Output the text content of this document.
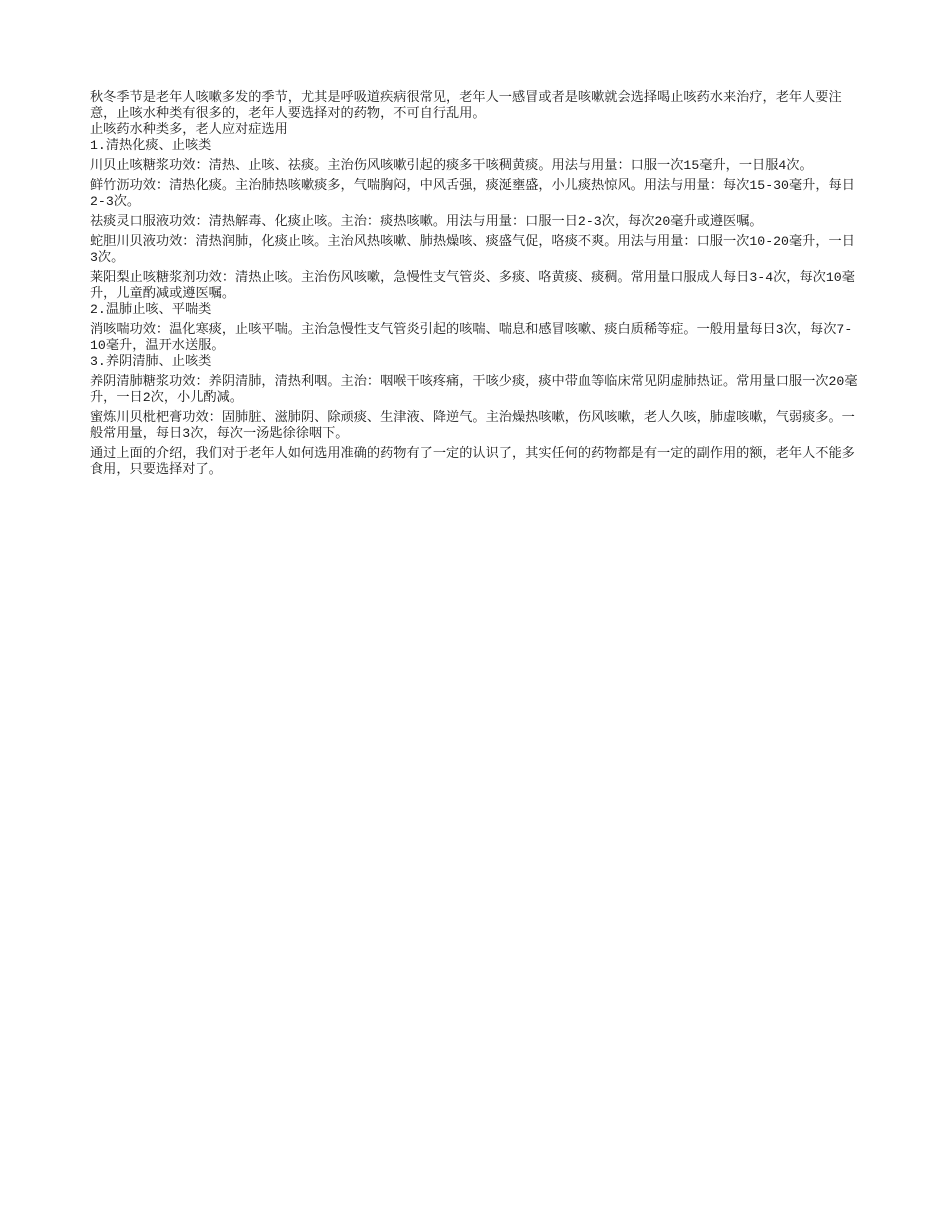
秋冬季节是老年人咳嗽多发的季节，尤其是呼吸道疾病很常见，老年人一感冒或者是咳嗽就会选择喝止咳药水来治疗，老年人要注意，止咳水种类有很多的，老年人要选择对的药物，不可自行乱用。

止咳药水种类多，老人应对症选用

1.清热化痰、止咳类

川贝止咳糖浆功效：清热、止咳、祛痰。主治伤风咳嗽引起的痰多干咳稠黄痰。用法与用量：口服一次15毫升，一日服4次。

鲜竹沥功效：清热化痰。主治肺热咳嗽痰多，气喘胸闷，中风舌强，痰涎壅盛，小儿痰热惊风。用法与用量：每次15-30毫升，每日2-3次。

祛痰灵口服液功效：清热解毒、化痰止咳。主治：痰热咳嗽。用法与用量：口服一日2-3次，每次20毫升或遵医嘱。

蛇胆川贝液功效：清热润肺，化痰止咳。主治风热咳嗽、肺热燥咳、痰盛气促，咯痰不爽。用法与用量：口服一次10-20毫升，一日3次。

莱阳梨止咳糖浆剂功效：清热止咳。主治伤风咳嗽，急慢性支气管炎、多痰、咯黄痰、痰稠。常用量口服成人每日3-4次，每次10毫升，儿童酌减或遵医嘱。

2.温肺止咳、平喘类

消咳喘功效：温化寒痰，止咳平喘。主治急慢性支气管炎引起的咳喘、喘息和感冒咳嗽、痰白质稀等症。一般用量每日3次，每次7-10毫升，温开水送服。

3.养阴清肺、止咳类

养阴清肺糖浆功效：养阴清肺，清热利咽。主治：咽喉干咳疼痛，干咳少痰，痰中带血等临床常见阴虚肺热证。常用量口服一次20毫升，一日2次，小儿酌减。

蜜炼川贝枇杷膏功效：固肺脏、滋肺阴、除顽痰、生津液、降逆气。主治燥热咳嗽，伤风咳嗽，老人久咳，肺虚咳嗽，气弱痰多。一般常用量，每日3次，每次一汤匙徐徐咽下。

通过上面的介绍，我们对于老年人如何选用准确的药物有了一定的认识了，其实任何的药物都是有一定的副作用的额，老年人不能多食用，只要选择对了。
